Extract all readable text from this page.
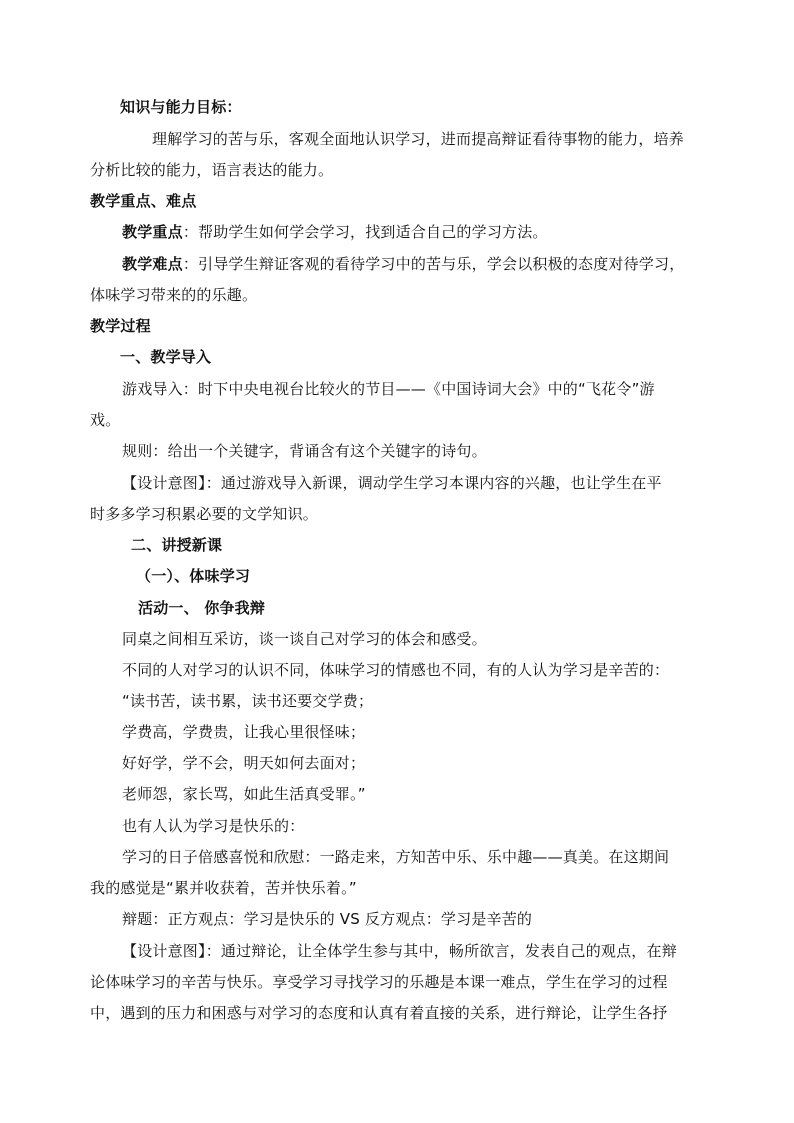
知识与能力目标：
理解学习的苦与乐，客观全面地认识学习，进而提高辩证看待事物的能力，培养
分析比较的能力，语言表达的能力。
教学重点、难点
教学重点：帮助学生如何学会学习，找到适合自己的学习方法。
教学难点：引导学生辩证客观的看待学习中的苦与乐，学会以积极的态度对待学习，
体味学习带来的的乐趣。
教学过程
一、教学导入
游戏导入：时下中央电视台比较火的节目——《中国诗词大会》中的“飞花令”游
戏。
规则：给出一个关键字，背诵含有这个关键字的诗句。
【设计意图】：通过游戏导入新课，调动学生学习本课内容的兴趣，也让学生在平
时多多学习积累必要的文学知识。
二、讲授新课
（一）、体味学习
活动一、 你争我辩
同桌之间相互采访，谈一谈自己对学习的体会和感受。
不同的人对学习的认识不同，体味学习的情感也不同，有的人认为学习是辛苦的：
“读书苦，读书累，读书还要交学费；
学费高，学费贵，让我心里很怪味；
好好学，学不会，明天如何去面对；
老师怨，家长骂，如此生活真受罪。”
也有人认为学习是快乐的：
学习的日子倍感喜悦和欣慰：一路走来，方知苦中乐、乐中趣——真美。在这期间
我的感觉是“累并收获着，苦并快乐着。”
辩题：正方观点：学习是快乐的 VS 反方观点：学习是辛苦的
【设计意图】：通过辩论，让全体学生参与其中，畅所欲言，发表自己的观点，在辩
论体味学习的辛苦与快乐。享受学习寻找学习的乐趣是本课一难点，学生在学习的过程
中，遇到的压力和困惑与对学习的态度和认真有着直接的关系，进行辩论，让学生各抒
